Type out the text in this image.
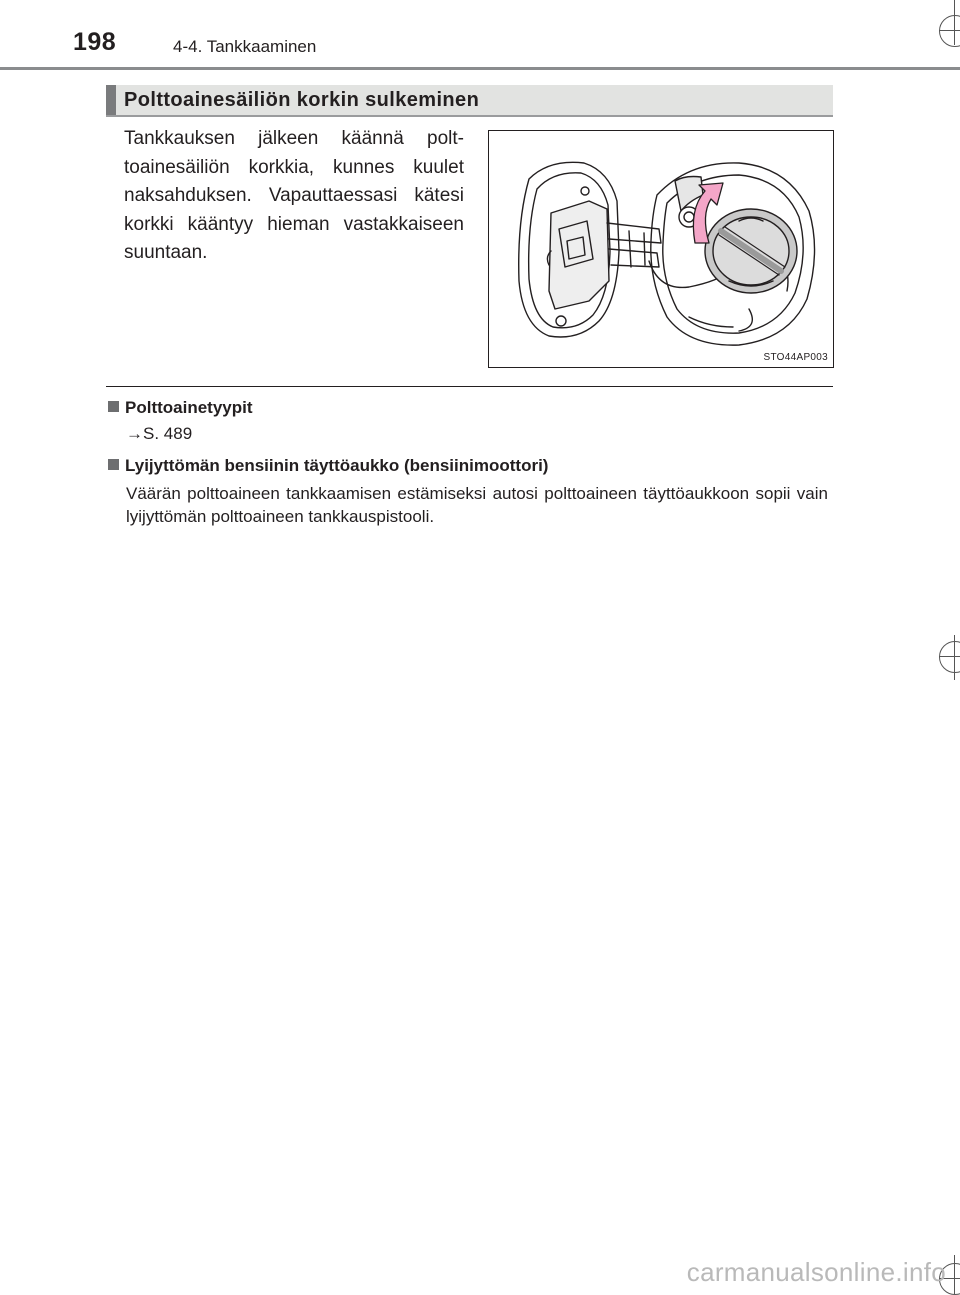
198	4-4. Tankkaaminen
Polttoainesäiliön korkin sulkeminen
Tankkauksen jälkeen käännä polttoainesäiliön korkkia, kunnes kuulet naksahduksen. Vapauttaessasi kätesi korkki kääntyy hieman vastakkaiseen suuntaan.
STO44AP003
Polttoainetyypit
→S. 489
Lyijyttömän bensiinin täyttöaukko (bensiinimoottori)
Väärän polttoaineen tankkaamisen estämiseksi autosi polttoaineen täyttöaukkoon sopii vain lyijyttömän polttoaineen tankkauspistooli.
carmanualsonline.info
